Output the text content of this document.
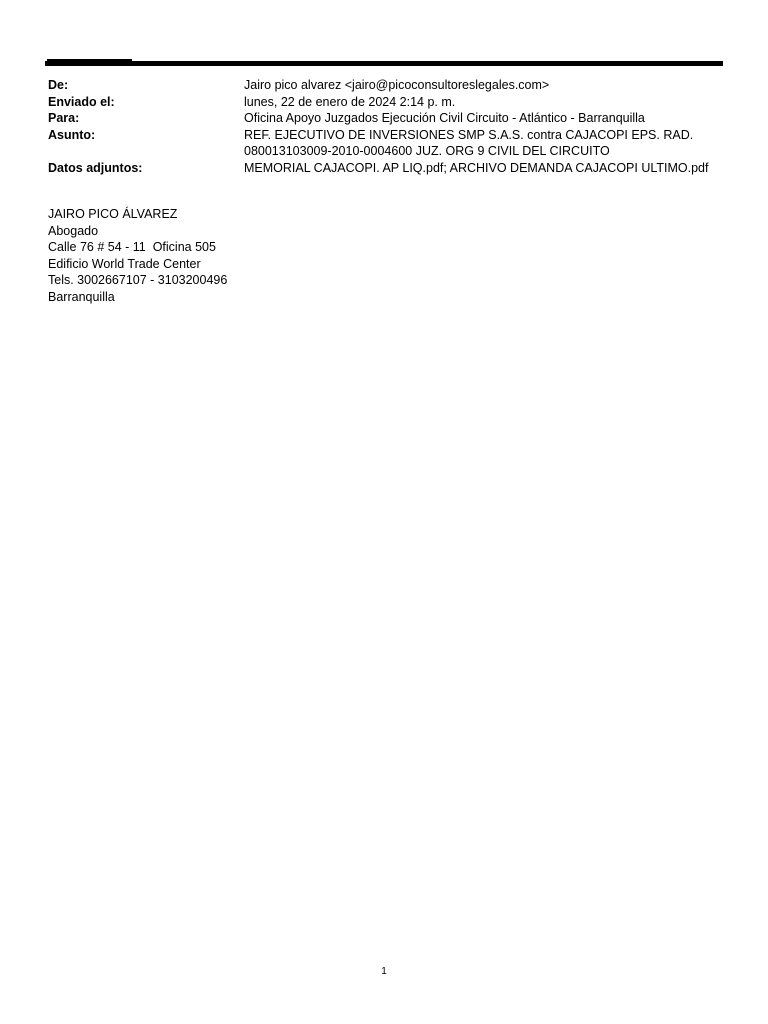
De:	Jairo pico alvarez <jairo@picoconsultoreslegales.com>
Enviado el:	lunes, 22 de enero de 2024 2:14 p. m.
Para:	Oficina Apoyo Juzgados Ejecución Civil Circuito - Atlántico - Barranquilla
Asunto:	REF. EJECUTIVO DE INVERSIONES SMP S.A.S. contra CAJACOPI EPS. RAD.
080013103009-2010-0004600 JUZ. ORG 9 CIVIL DEL CIRCUITO
Datos adjuntos:	MEMORIAL CAJACOPI. AP LIQ.pdf; ARCHIVO DEMANDA CAJACOPI ULTIMO.pdf
JAIRO PICO ÁLVAREZ
Abogado
Calle 76 # 54 - 11  Oficina 505
Edificio World Trade Center
Tels. 3002667107 - 3103200496
Barranquilla
1
